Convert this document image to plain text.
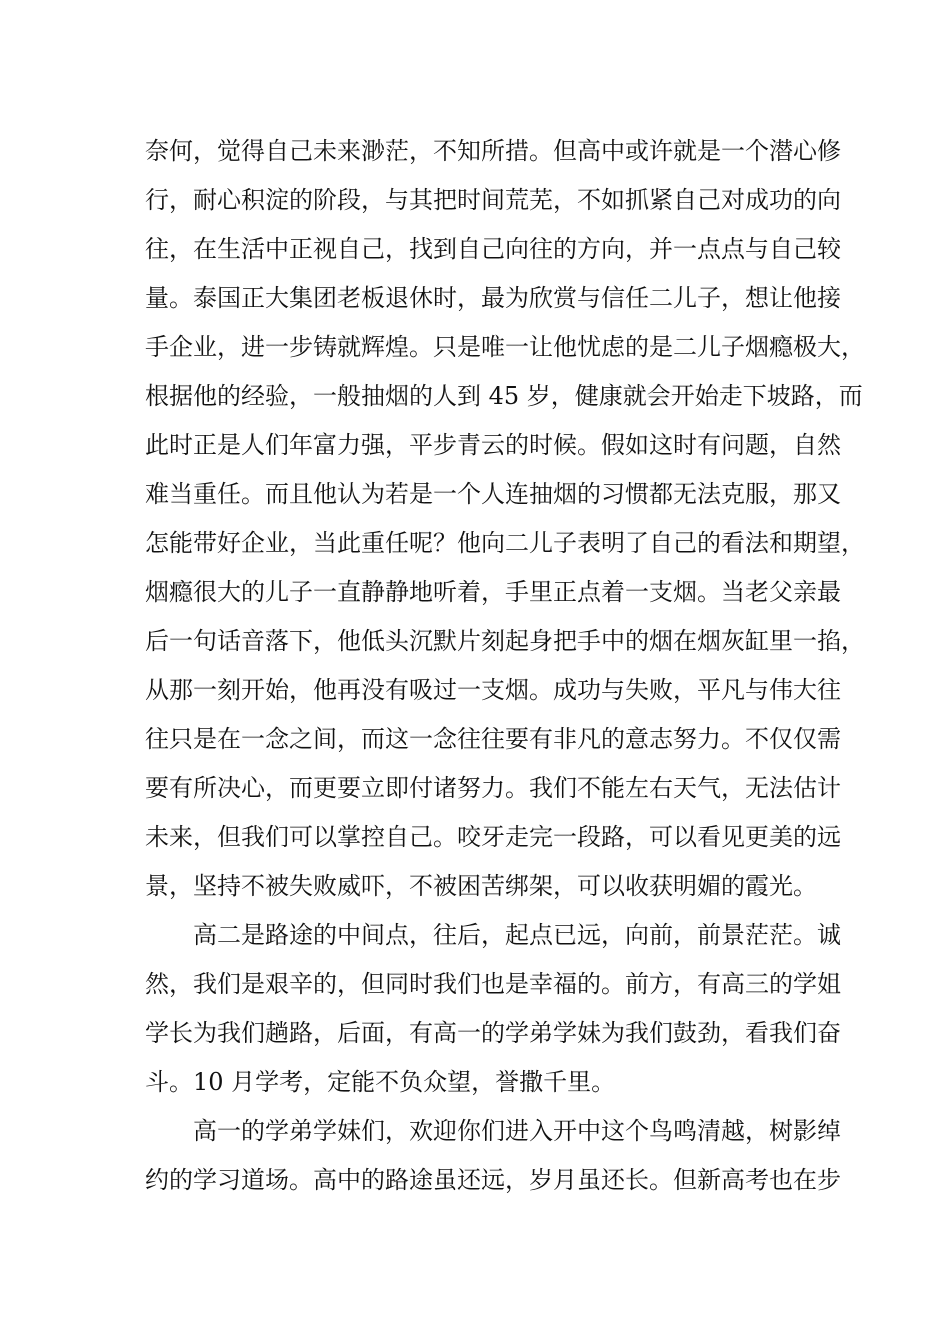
奈何，觉得自己未来渺茫，不知所措。但高中或许就是一个潜心修
行，耐心积淀的阶段，与其把时间荒芜，不如抓紧自己对成功的向
往，在生活中正视自己，找到自己向往的方向，并一点点与自己较
量。泰国正大集团老板退休时，最为欣赏与信任二儿子，想让他接
手企业，进一步铸就辉煌。只是唯一让他忧虑的是二儿子烟瘾极大，
根据他的经验，一般抽烟的人到 45 岁，健康就会开始走下坡路，而
此时正是人们年富力强，平步青云的时候。假如这时有问题，自然
难当重任。而且他认为若是一个人连抽烟的习惯都无法克服，那又
怎能带好企业，当此重任呢？他向二儿子表明了自己的看法和期望，
烟瘾很大的儿子一直静静地听着，手里正点着一支烟。当老父亲最
后一句话音落下，他低头沉默片刻起身把手中的烟在烟灰缸里一掐，
从那一刻开始，他再没有吸过一支烟。成功与失败，平凡与伟大往
往只是在一念之间，而这一念往往要有非凡的意志努力。不仅仅需
要有所决心，而更要立即付诸努力。我们不能左右天气，无法估计
未来，但我们可以掌控自己。咬牙走完一段路，可以看见更美的远
景，坚持不被失败威吓，不被困苦绑架，可以收获明媚的霞光。
高二是路途的中间点，往后，起点已远，向前，前景茫茫。诚
然，我们是艰辛的，但同时我们也是幸福的。前方，有高三的学姐
学长为我们趟路，后面，有高一的学弟学妹为我们鼓劲，看我们奋
斗。10 月学考，定能不负众望，誉撒千里。
高一的学弟学妹们，欢迎你们进入开中这个鸟鸣清越，树影绰
约的学习道场。高中的路途虽还远，岁月虽还长。但新高考也在步
